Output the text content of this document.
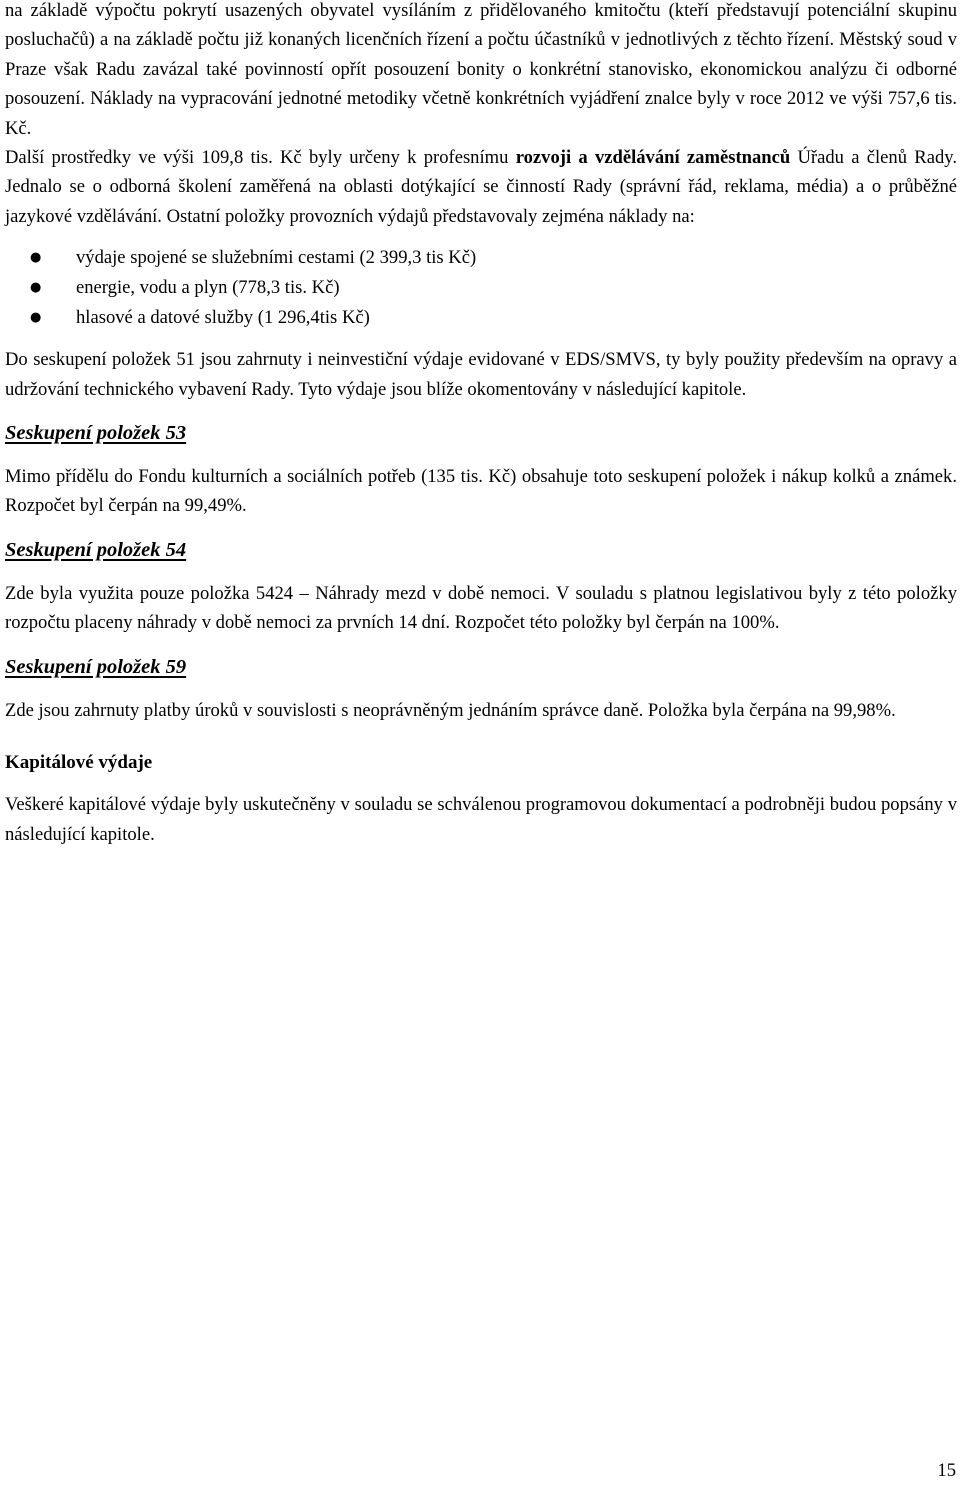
na základě výpočtu pokrytí usazených obyvatel vysíláním z přidělovaného kmitočtu (kteří představují potenciální skupinu posluchačů) a na základě počtu již konaných licenčních řízení a počtu účastníků v jednotlivých z těchto řízení. Městský soud v Praze však Radu zavázal také povinností opřít posouzení bonity o konkrétní stanovisko, ekonomickou analýzu či odborné posouzení. Náklady na vypracování jednotné metodiky včetně konkrétních vyjádření znalce byly v roce 2012 ve výši 757,6 tis. Kč.

Další prostředky ve výši 109,8 tis. Kč byly určeny k profesnímu rozvoji a vzdělávání zaměstnanců Úřadu a členů Rady. Jednalo se o odborná školení zaměřená na oblasti dotýkající se činností Rady (správní řád, reklama, média) a o průběžné jazykové vzdělávání. Ostatní položky provozních výdajů představovaly zejména náklady na:

● výdaje spojené se služebními cestami (2 399,3 tis Kč)
● energie, vodu a plyn (778,3 tis. Kč)
● hlasové a datové služby (1 296,4tis Kč)

Do seskupení položek 51 jsou zahrnuty i neinvestiční výdaje evidované v EDS/SMVS, ty byly použity především na opravy a udržování technického vybavení Rady. Tyto výdaje jsou blíže okomentovány v následující kapitole.

Seskupení položek 53

Mimo přídělu do Fondu kulturních a sociálních potřeb (135 tis. Kč) obsahuje toto seskupení položek i nákup kolků a známek. Rozpočet byl čerpán na 99,49%.

Seskupení položek 54

Zde byla využita pouze položka 5424 – Náhrady mezd v době nemoci. V souladu s platnou legislativou byly z této položky rozpočtu placeny náhrady v době nemoci za prvních 14 dní. Rozpočet této položky byl čerpán na 100%.

Seskupení položek 59

Zde jsou zahrnuty platby úroků v souvislosti s neoprávněným jednáním správce daně. Položka byla čerpána na 99,98%.

Kapitálové výdaje

Veškeré kapitálové výdaje byly uskutečněny v souladu se schválenou programovou dokumentací a podrobněji budou popsány v následující kapitole.

15
